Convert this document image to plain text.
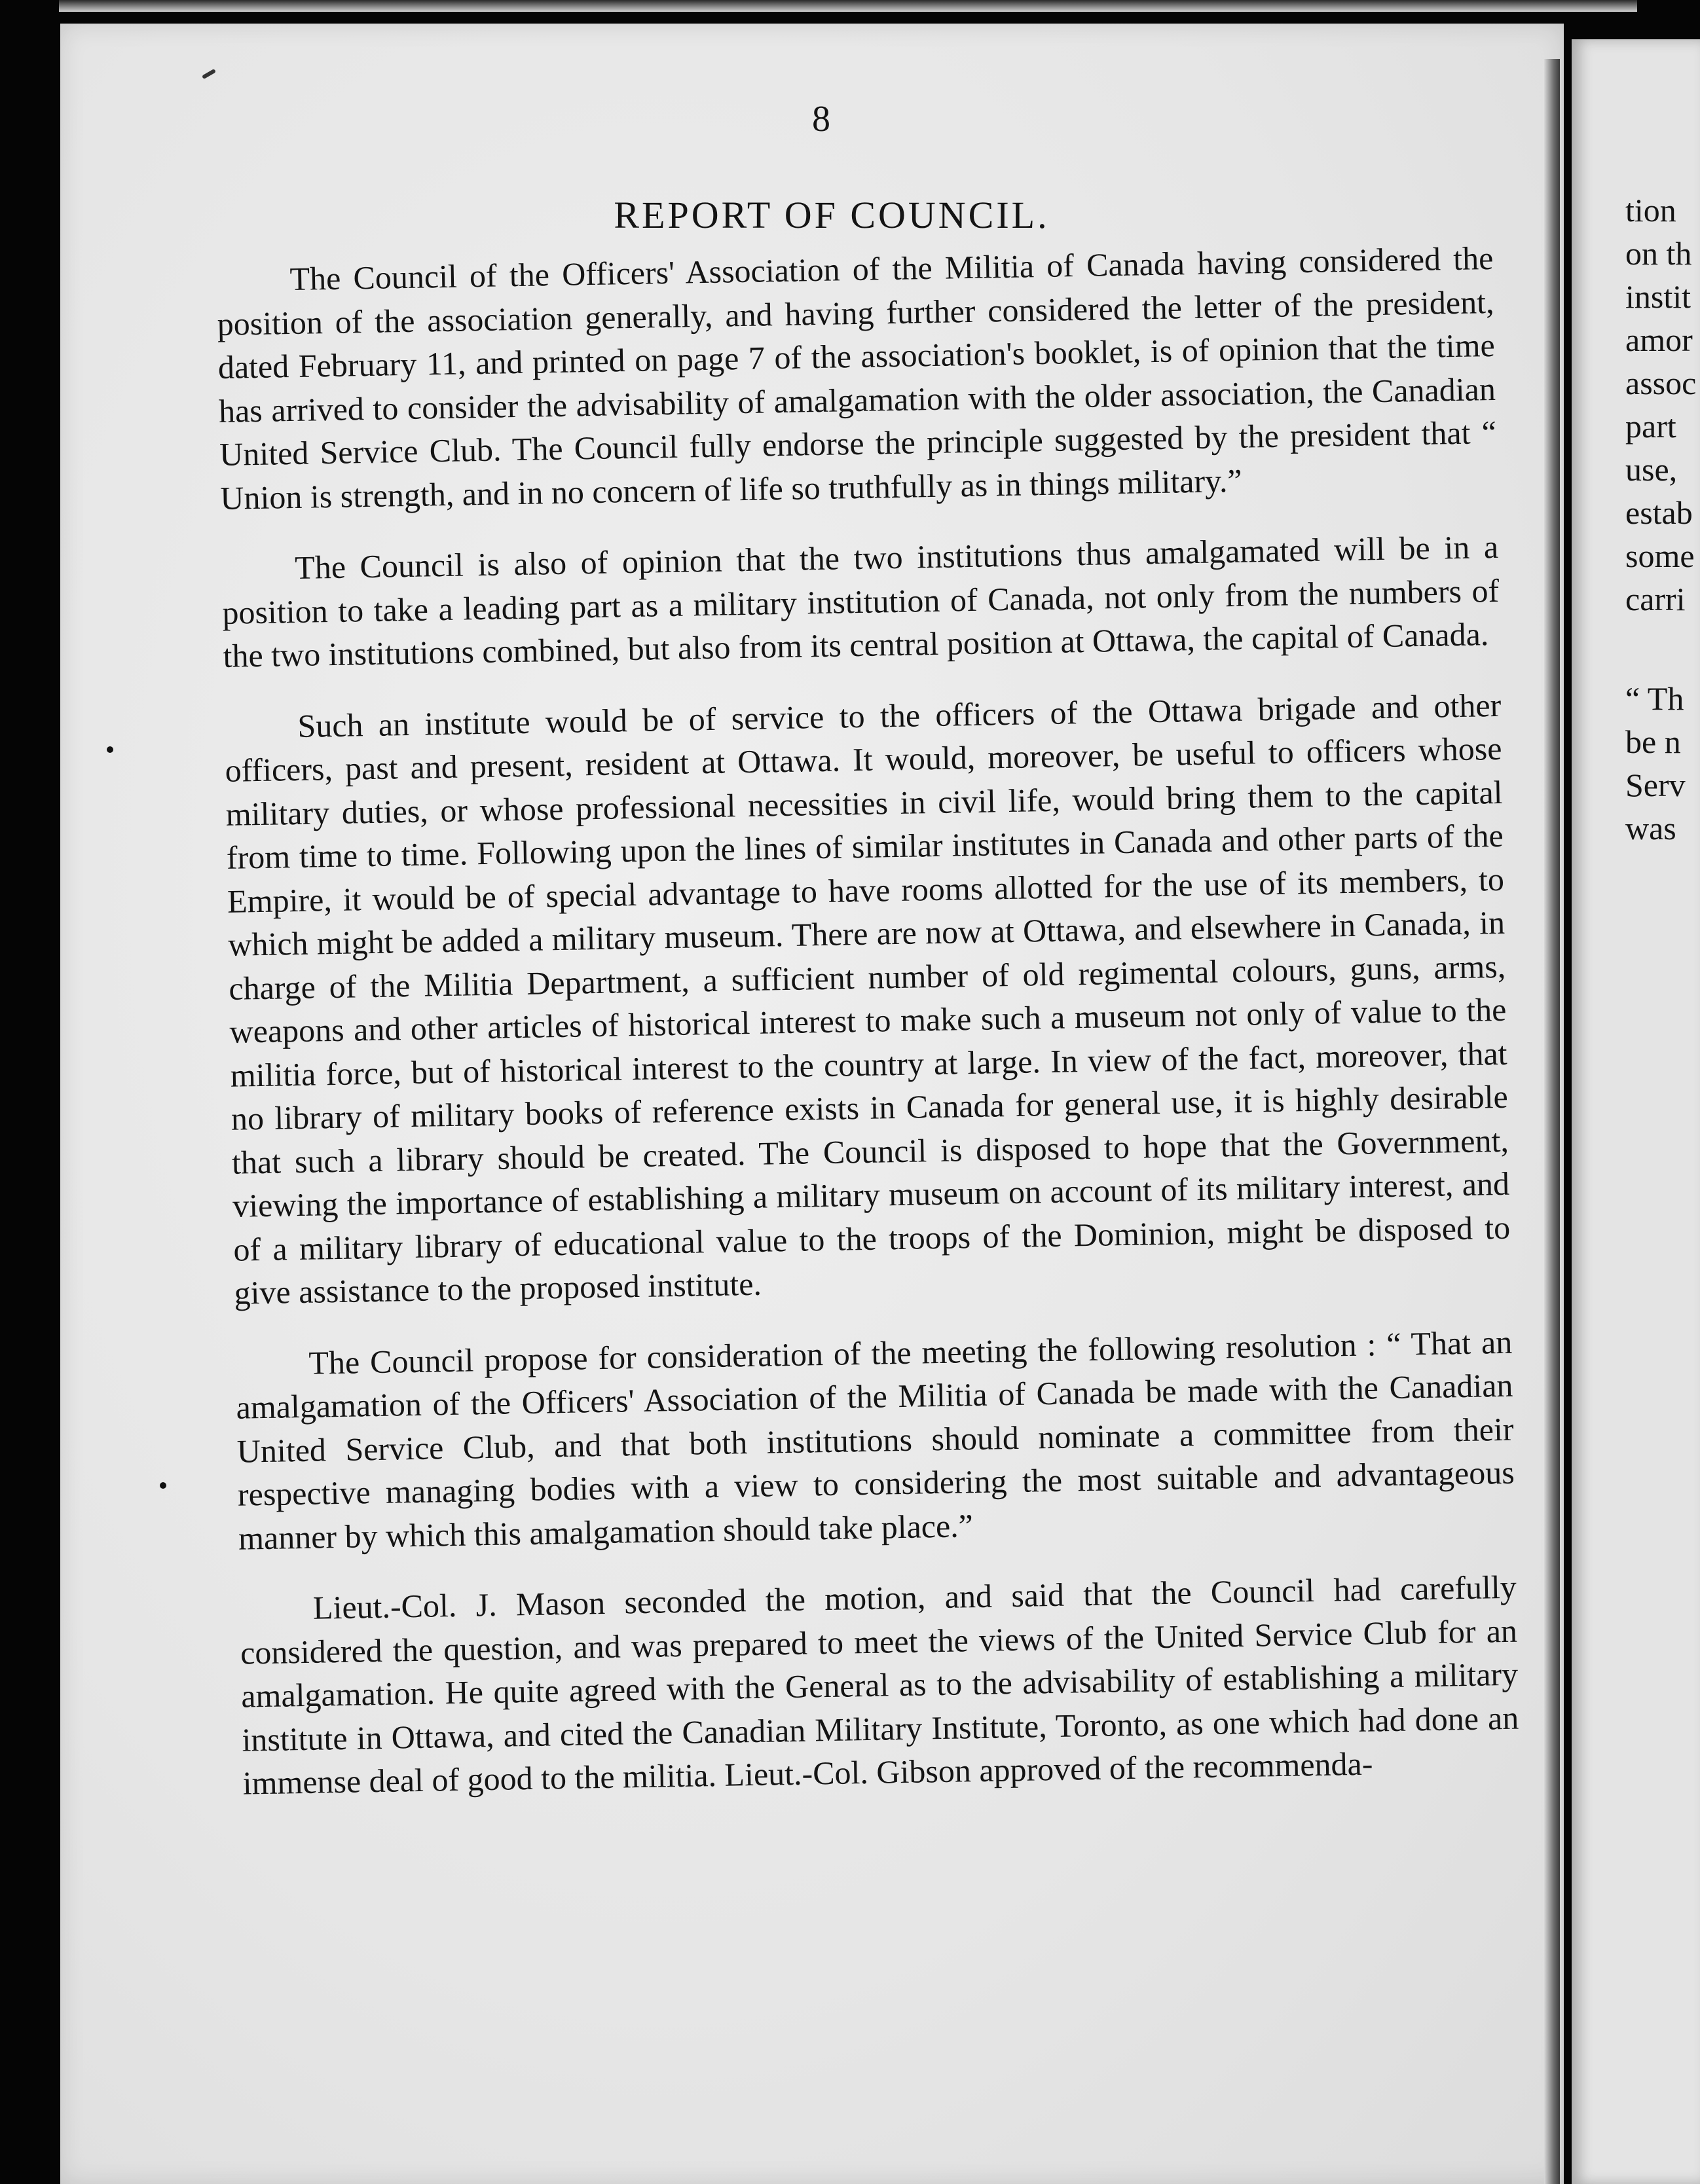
8

REPORT OF COUNCIL.

The Council of the Officers' Association of the Militia of Canada having considered the position of the association generally, and having further considered the letter of the president, dated February 11, and printed on page 7 of the association's booklet, is of opinion that the time has arrived to consider the advisability of amalgamation with the older association, the Canadian United Service Club. The Council fully endorse the principle suggested by the president that “ Union is strength, and in no concern of life so truthfully as in things military.”

The Council is also of opinion that the two institutions thus amalgamated will be in a position to take a leading part as a military institution of Canada, not only from the numbers of the two institutions combined, but also from its central position at Ottawa, the capital of Canada.

Such an institute would be of service to the officers of the Ottawa brigade and other officers, past and present, resident at Ottawa. It would, moreover, be useful to officers whose military duties, or whose professional necessities in civil life, would bring them to the capital from time to time. Following upon the lines of similar institutes in Canada and other parts of the Empire, it would be of special advantage to have rooms allotted for the use of its members, to which might be added a military museum. There are now at Ottawa, and elsewhere in Canada, in charge of the Militia Department, a sufficient number of old regimental colours, guns, arms, weapons and other articles of historical interest to make such a museum not only of value to the militia force, but of historical interest to the country at large. In view of the fact, moreover, that no library of military books of reference exists in Canada for general use, it is highly desirable that such a library should be created. The Council is disposed to hope that the Government, viewing the importance of establishing a military museum on account of its military interest, and of a military library of educational value to the troops of the Dominion, might be disposed to give assistance to the proposed institute.

The Council propose for consideration of the meeting the following resolution : “ That an amalgamation of the Officers' Association of the Militia of Canada be made with the Canadian United Service Club, and that both institutions should nominate a committee from their respective managing bodies with a view to considering the most suitable and advantageous manner by which this amalgamation should take place.”

Lieut.-Col. J. Mason seconded the motion, and said that the Council had carefully considered the question, and was prepared to meet the views of the United Service Club for an amalgamation. He quite agreed with the General as to the advisability of establishing a military institute in Ottawa, and cited the Canadian Military Institute, Toronto, as one which had done an immense deal of good to the militia. Lieut.-Col. Gibson approved of the recommenda-

tion
on th
instit
amor
assoc
part
use,
estab
some
carri
“ Th
be n
Serv
was
